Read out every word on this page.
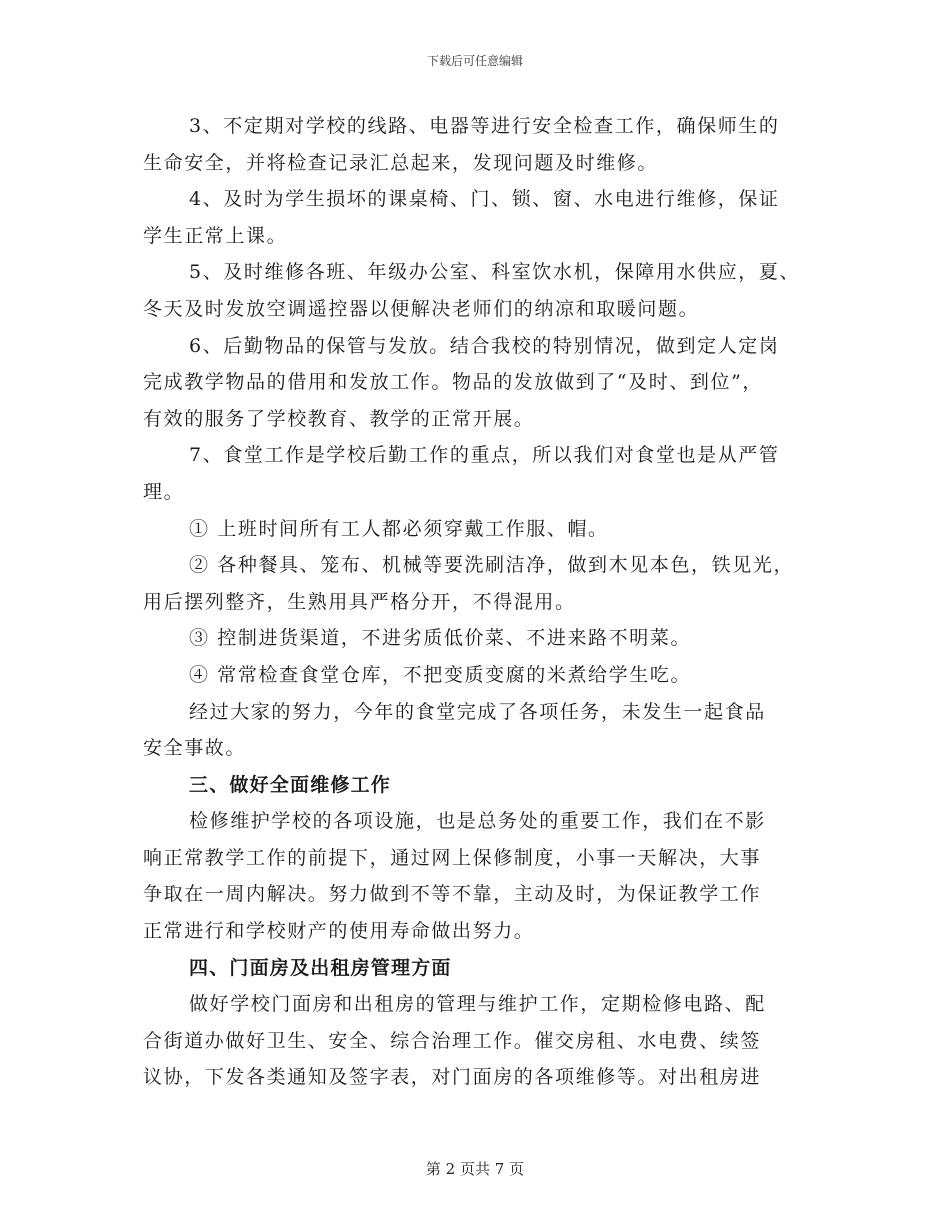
下载后可任意编辑
3、不定期对学校的线路、电器等进行安全检查工作，确保师生的
生命安全，并将检查记录汇总起来，发现问题及时维修。
4、及时为学生损坏的课桌椅、门、锁、窗、水电进行维修，保证
学生正常上课。
5、及时维修各班、年级办公室、科室饮水机，保障用水供应，夏、
冬天及时发放空调遥控器以便解决老师们的纳凉和取暖问题。
6、后勤物品的保管与发放。结合我校的特别情况，做到定人定岗
完成教学物品的借用和发放工作。物品的发放做到了“及时、到位”，
有效的服务了学校教育、教学的正常开展。
7、食堂工作是学校后勤工作的重点，所以我们对食堂也是从严管
理。
① 上班时间所有工人都必须穿戴工作服、帽。
② 各种餐具、笼布、机械等要洗刷洁净，做到木见本色，铁见光，
用后摆列整齐，生熟用具严格分开，不得混用。
③ 控制进货渠道，不进劣质低价菜、不进来路不明菜。
④ 常常检查食堂仓库，不把变质变腐的米煮给学生吃。
经过大家的努力，今年的食堂完成了各项任务，未发生一起食品
安全事故。
三、做好全面维修工作
检修维护学校的各项设施，也是总务处的重要工作，我们在不影
响正常教学工作的前提下，通过网上保修制度，小事一天解决，大事
争取在一周内解决。努力做到不等不靠，主动及时，为保证教学工作
正常进行和学校财产的使用寿命做出努力。
四、门面房及出租房管理方面
做好学校门面房和出租房的管理与维护工作，定期检修电路、配
合街道办做好卫生、安全、综合治理工作。催交房租、水电费、续签
议协，下发各类通知及签字表，对门面房的各项维修等。对出租房进
第 2 页共 7 页
